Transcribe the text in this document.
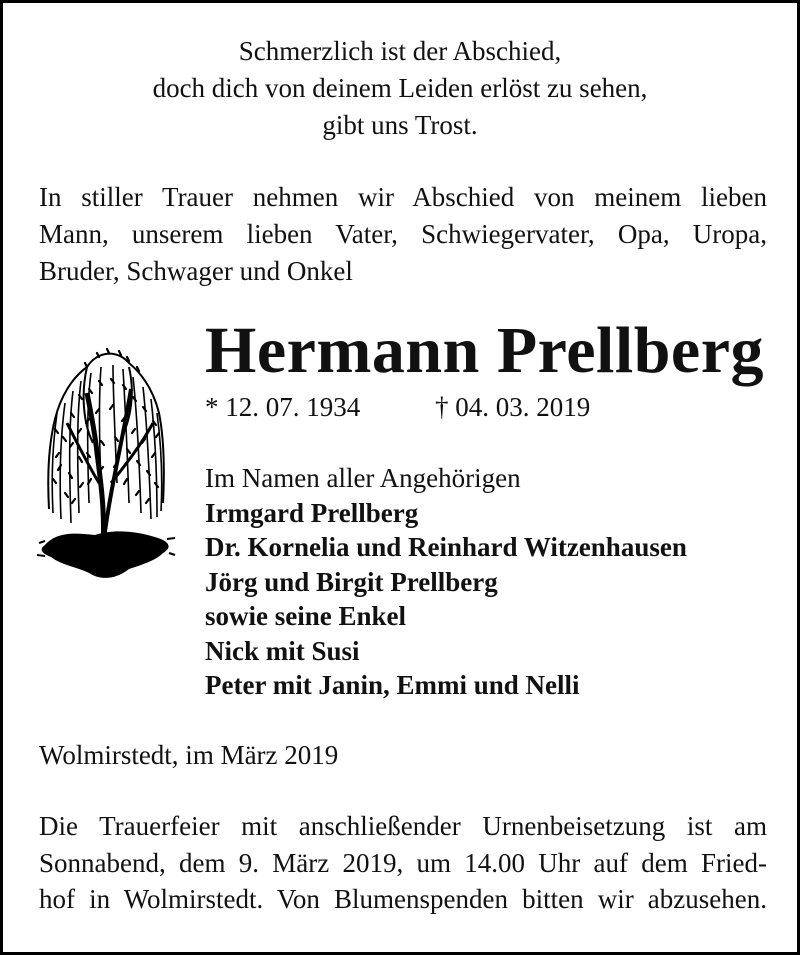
Schmerzlich ist der Abschied,
doch dich von deinem Leiden erlöst zu sehen,
gibt uns Trost.
In stiller Trauer nehmen wir Abschied von meinem lieben
Mann, unserem lieben Vater, Schwiegervater, Opa, Uropa,
Bruder, Schwager und Onkel
Hermann Prellberg
* 12. 07. 1934	† 04. 03. 2019
Im Namen aller Angehörigen
Irmgard Prellberg
Dr. Kornelia und Reinhard Witzenhausen
Jörg und Birgit Prellberg
sowie seine Enkel
Nick mit Susi
Peter mit Janin, Emmi und Nelli
Wolmirstedt, im März 2019
Die Trauerfeier mit anschließender Urnenbeisetzung ist am
Sonnabend, dem 9. März 2019, um 14.00 Uhr auf dem Fried-
hof in Wolmirstedt. Von Blumenspenden bitten wir abzusehen.
